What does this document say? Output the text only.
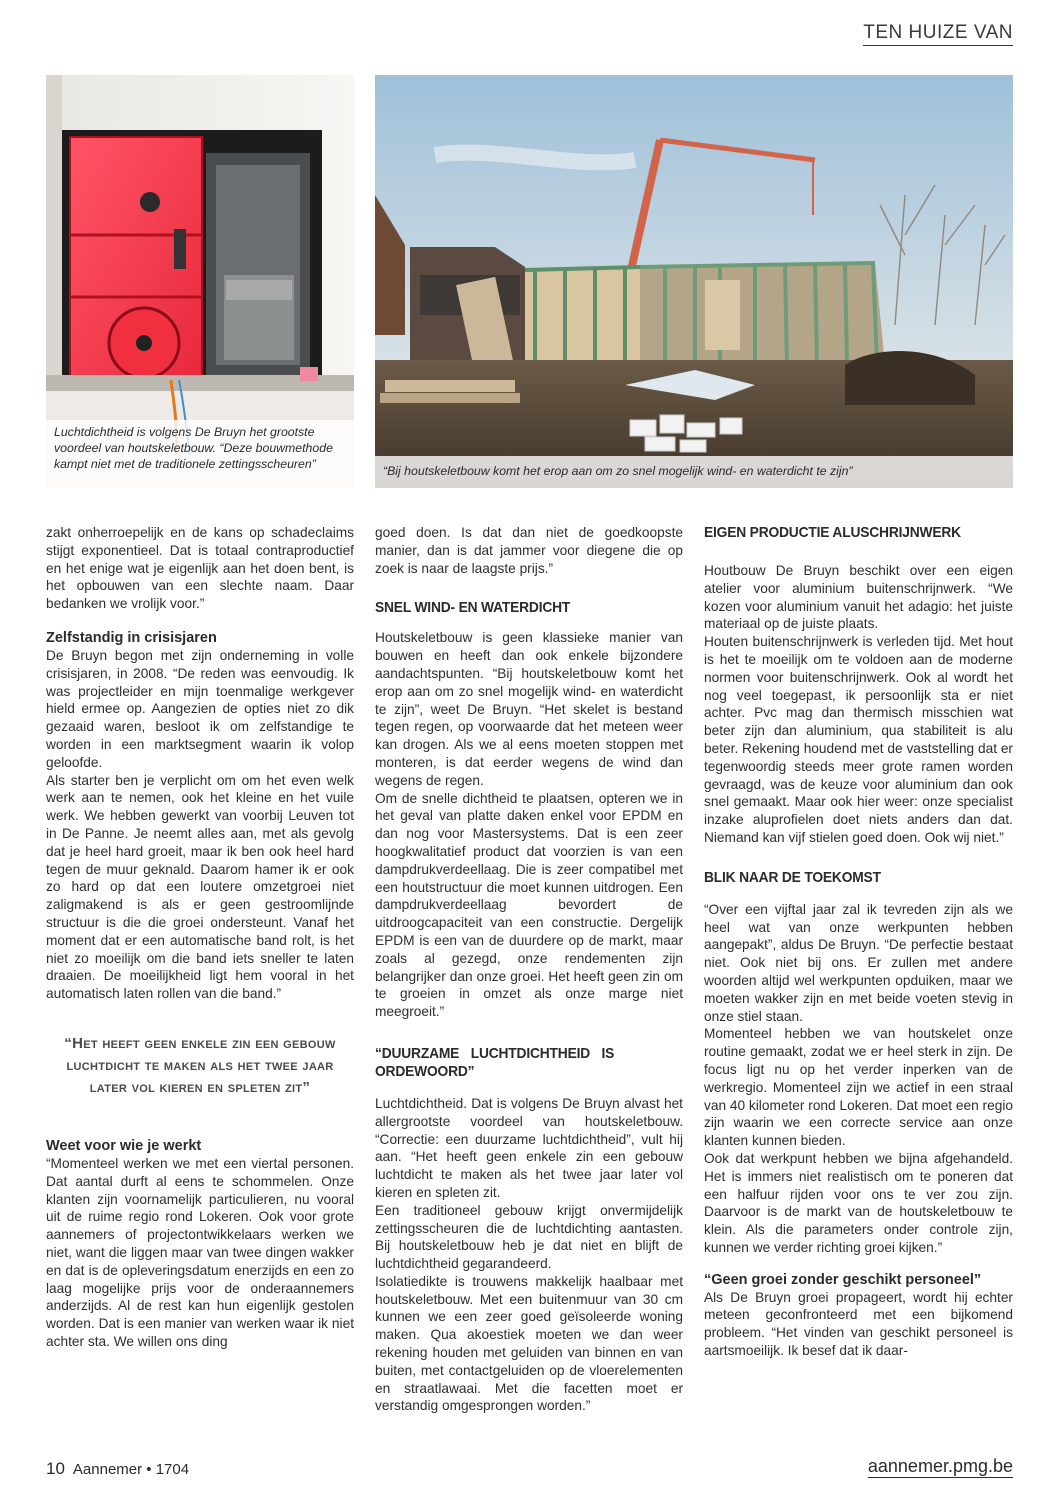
TEN HUIZE VAN
Luchtdichtheid is volgens De Bruyn het grootste voordeel van houtskeletbouw. “Deze bouwmethode kampt niet met de traditionele zettingsscheuren”	“Bij houtskeletbouw komt het erop aan om zo snel mogelijk wind- en waterdicht te zijn”

zakt onherroepelijk en de kans op schadeclaims stijgt exponentieel. Dat is totaal contraproductief en het enige wat je eigenlijk aan het doen bent, is het opbouwen van een slechte naam. Daar bedanken we vrolijk voor.”

Zelfstandig in crisisjaren

De Bruyn begon met zijn onderneming in volle crisisjaren, in 2008. “De reden was eenvoudig. Ik was projectleider en mijn toenmalige werkgever hield ermee op. Aangezien de opties niet zo dik gezaaid waren, besloot ik om zelfstandige te worden in een marktsegment waarin ik volop geloofde.

Als starter ben je verplicht om om het even welk werk aan te nemen, ook het kleine en het vuile werk. We hebben gewerkt van voorbij Leuven tot in De Panne. Je neemt alles aan, met als gevolg dat je heel hard groeit, maar ik ben ook heel hard tegen de muur geknald. Daarom hamer ik er ook zo hard op dat een loutere omzetgroei niet zaligmakend is als er geen gestroomlijnde structuur is die die groei ondersteunt. Vanaf het moment dat er een automatische band rolt, is het niet zo moeilijk om die band iets sneller te laten draaien. De moeilijkheid ligt hem vooral in het automatisch laten rollen van die band.”

“Het heeft geen enkele zin een gebouw luchtdicht te maken als het twee jaar later vol kieren en spleten zit”
Weet voor wie je werkt

“Momenteel werken we met een viertal personen. Dat aantal durft al eens te schommelen. Onze klanten zijn voornamelijk particulieren, nu vooral uit de ruime regio rond Lokeren. Ook voor grote aannemers of projectontwikkelaars werken we niet, want die liggen maar van twee dingen wakker en dat is de opleveringsdatum enerzijds en een zo laag mogelijke prijs voor de onderaannemers anderzijds. Al de rest kan hun eigenlijk gestolen worden. Dat is een manier van werken waar ik niet achter sta. We willen ons ding

goed doen. Is dat dan niet de goedkoopste manier, dan is dat jammer voor diegene die op zoek is naar de laagste prijs.”

SNEL WIND- EN WATERDICHT

Houtskeletbouw is geen klassieke manier van bouwen en heeft dan ook enkele bijzondere aandachtspunten. “Bij houtskeletbouw komt het erop aan om zo snel mogelijk wind- en waterdicht te zijn”, weet De Bruyn. “Het skelet is bestand tegen regen, op voorwaarde dat het meteen weer kan drogen. Als we al eens moeten stoppen met monteren, is dat eerder wegens de wind dan wegens de regen.

Om de snelle dichtheid te plaatsen, opteren we in het geval van platte daken enkel voor EPDM en dan nog voor Mastersystems. Dat is een zeer hoogkwalitatief product dat voorzien is van een dampdrukverdeellaag. Die is zeer compatibel met een houtstructuur die moet kunnen uitdrogen. Een dampdrukverdeellaag bevordert de uitdroogcapaciteit van een constructie. Dergelijk EPDM is een van de duurdere op de markt, maar zoals al gezegd, onze rendementen zijn belangrijker dan onze groei. Het heeft geen zin om te groeien in omzet als onze marge niet meegroeit.”

“DUURZAME LUCHTDICHTHEID IS ORDEWOORD”

Luchtdichtheid. Dat is volgens De Bruyn alvast het allergrootste voordeel van houtskeletbouw. “Correctie: een duurzame luchtdichtheid”, vult hij aan. “Het heeft geen enkele zin een gebouw luchtdicht te maken als het twee jaar later vol kieren en spleten zit.

Een traditioneel gebouw krijgt onvermijdelijk zettingsscheuren die de luchtdichting aantasten. Bij houtskeletbouw heb je dat niet en blijft de luchtdichtheid gegarandeerd.

Isolatiedikte is trouwens makkelijk haalbaar met houtskeletbouw. Met een buitenmuur van 30 cm kunnen we een zeer goed geïsoleerde woning maken. Qua akoestiek moeten we dan weer rekening houden met geluiden van binnen en van buiten, met contactgeluiden op de vloerelementen en straatlawaai. Met die facetten moet er verstandig omgesprongen worden.”

EIGEN PRODUCTIE ALUSCHRIJNWERK

Houtbouw De Bruyn beschikt over een eigen atelier voor aluminium buitenschrijnwerk. “We kozen voor aluminium vanuit het adagio: het juiste materiaal op de juiste plaats.

Houten buitenschrijnwerk is verleden tijd. Met hout is het te moeilijk om te voldoen aan de moderne normen voor buitenschrijnwerk. Ook al wordt het nog veel toegepast, ik persoonlijk sta er niet achter. Pvc mag dan thermisch misschien wat beter zijn dan aluminium, qua stabiliteit is alu beter. Rekening houdend met de vaststelling dat er tegenwoordig steeds meer grote ramen worden gevraagd, was de keuze voor aluminium dan ook snel gemaakt. Maar ook hier weer: onze specialist inzake aluprofielen doet niets anders dan dat. Niemand kan vijf stielen goed doen. Ook wij niet.”

BLIK NAAR DE TOEKOMST

“Over een vijftal jaar zal ik tevreden zijn als we heel wat van onze werkpunten hebben aangepakt”, aldus De Bruyn. “De perfectie bestaat niet. Ook niet bij ons. Er zullen met andere woorden altijd wel werkpunten opduiken, maar we moeten wakker zijn en met beide voeten stevig in onze stiel staan.

Momenteel hebben we van houtskelet onze routine gemaakt, zodat we er heel sterk in zijn. De focus ligt nu op het verder inperken van de werkregio. Momenteel zijn we actief in een straal van 40 kilometer rond Lokeren. Dat moet een regio zijn waarin we een correcte service aan onze klanten kunnen bieden.

Ook dat werkpunt hebben we bijna afgehandeld. Het is immers niet realistisch om te poneren dat een halfuur rijden voor ons te ver zou zijn. Daarvoor is de markt van de houtskeletbouw te klein. Als die parameters onder controle zijn, kunnen we verder richting groei kijken.”

“Geen groei zonder geschikt personeel”

Als De Bruyn groei propageert, wordt hij echter meteen geconfronteerd met een bijkomend probleem. “Het vinden van geschikt personeel is aartsmoeilijk. Ik besef dat ik daar-

10 Aannemer • 1704	aannemer.pmg.be
